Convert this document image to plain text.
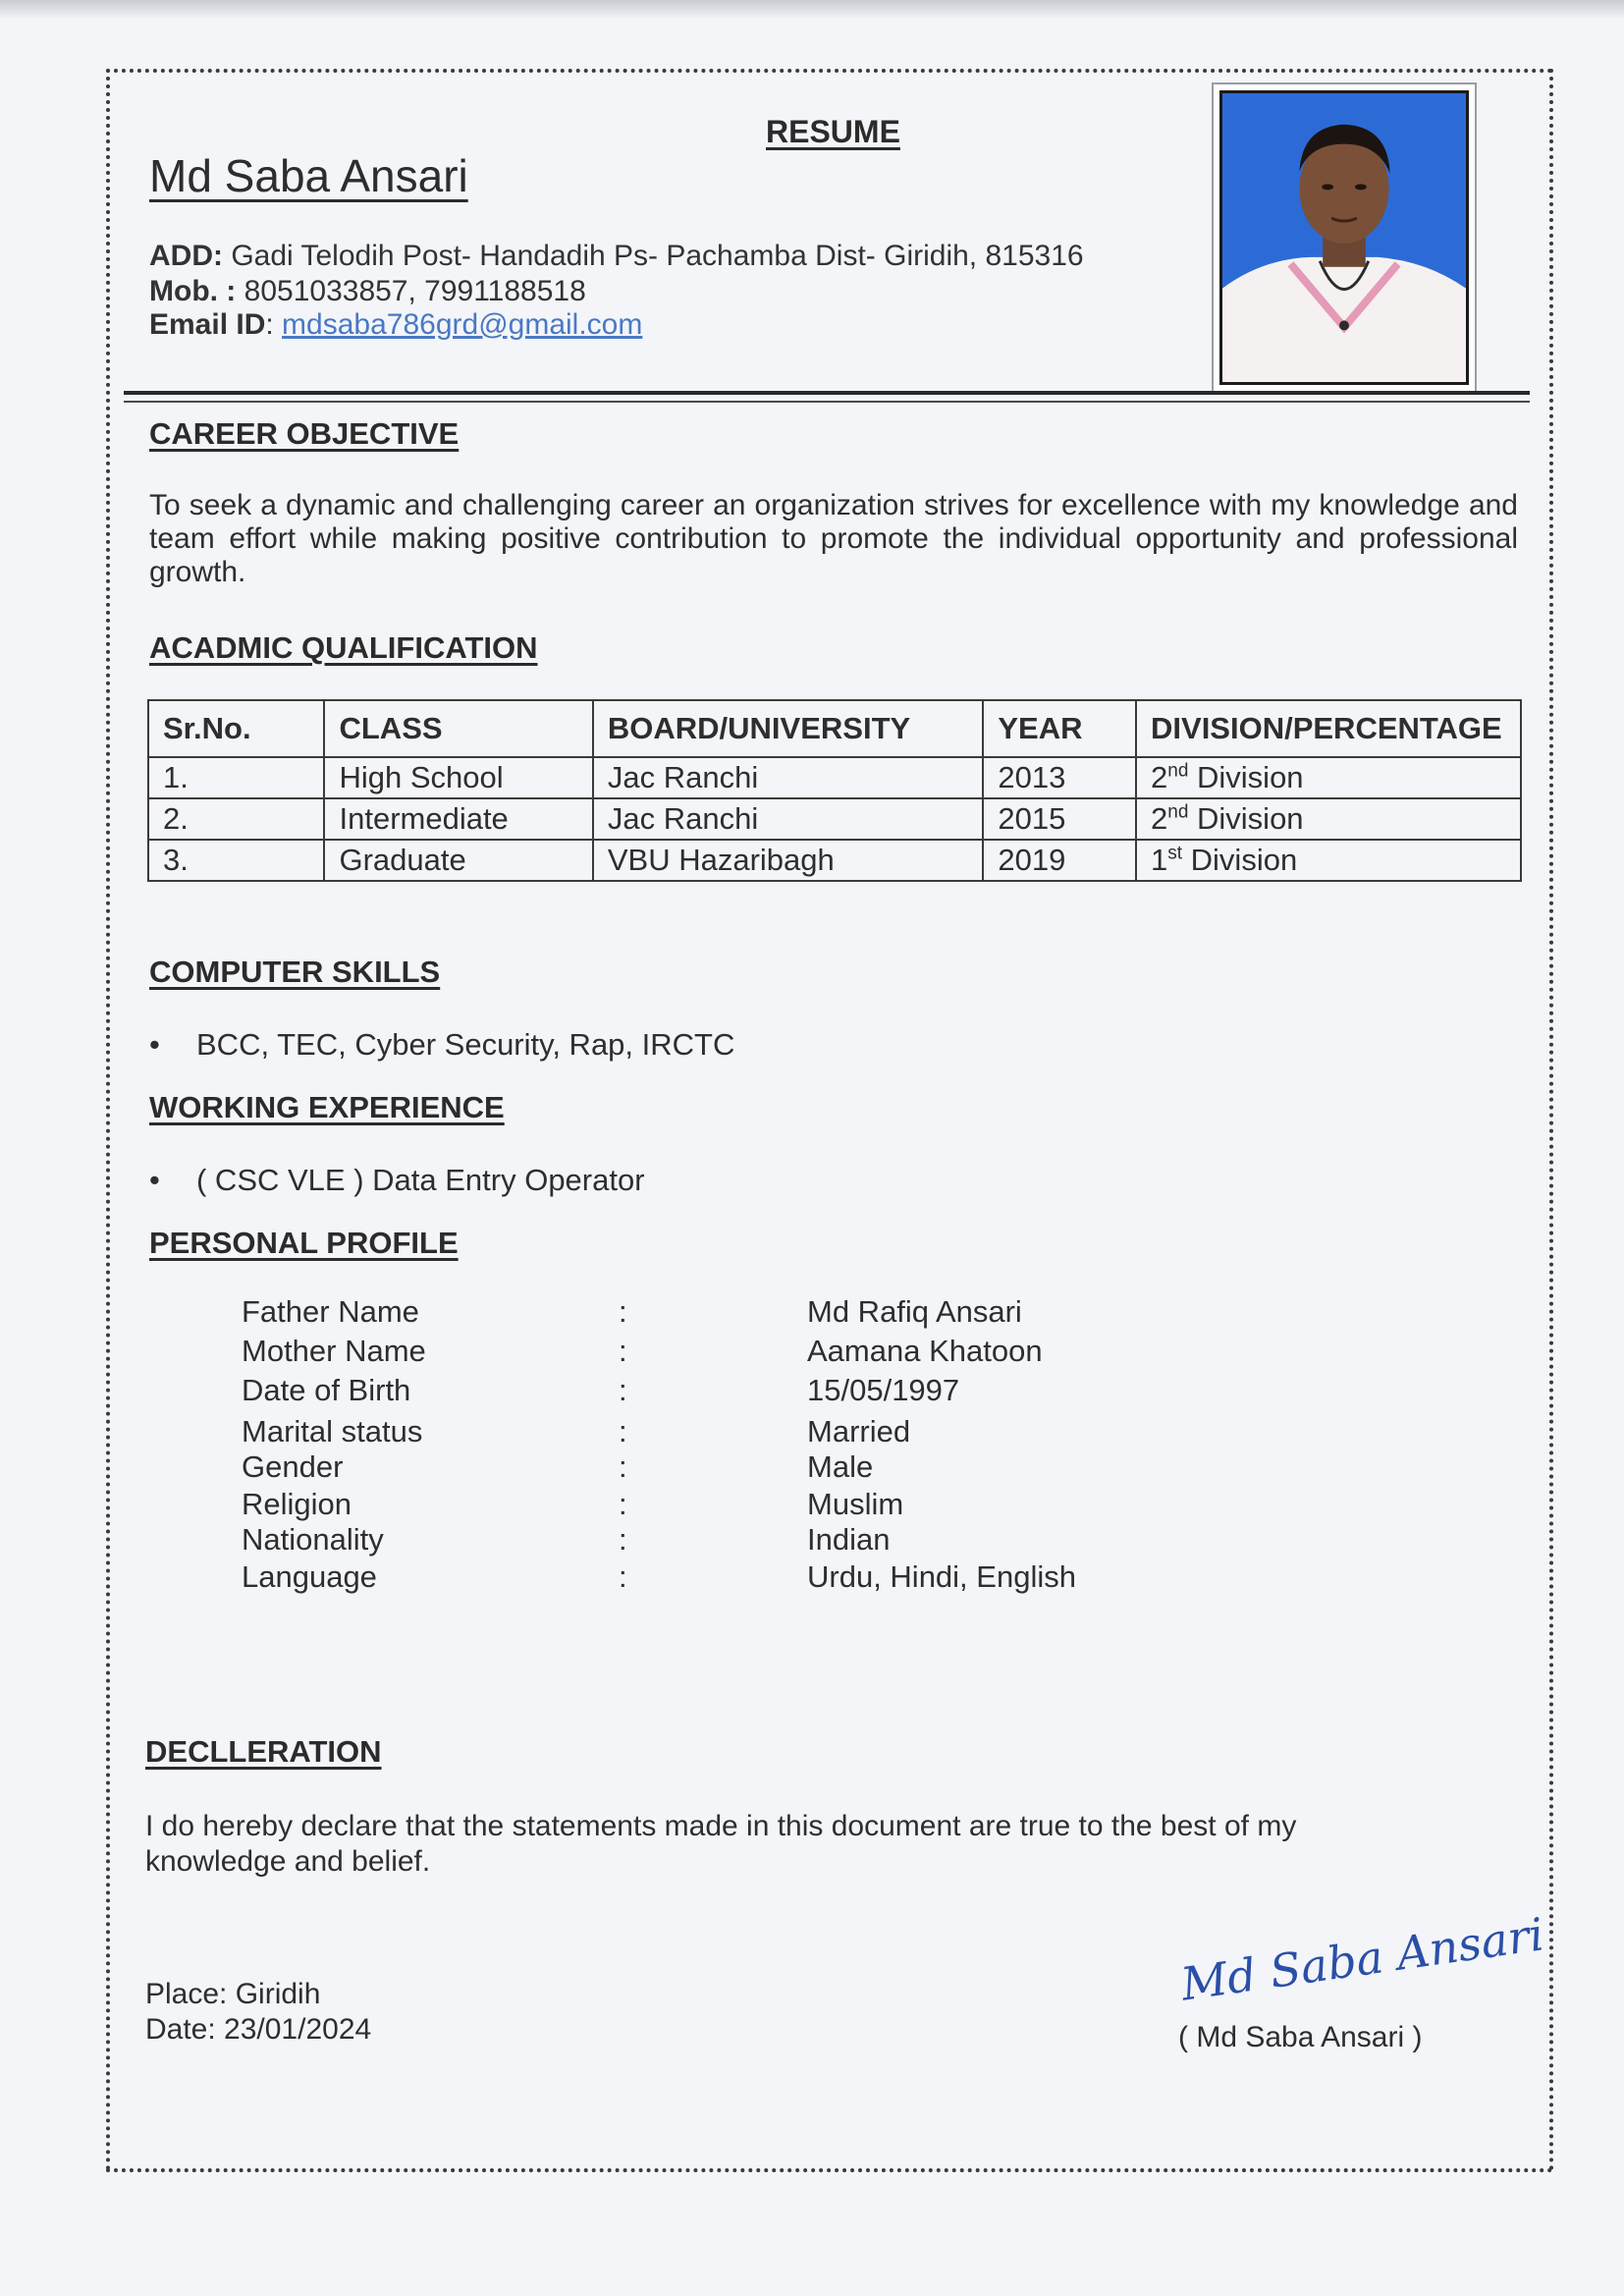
RESUME
Md Saba Ansari
ADD: Gadi Telodih Post- Handadih Ps- Pachamba Dist- Giridih, 815316
Mob. : 8051033857, 7991188518
Email ID: mdsaba786grd@gmail.com
CAREER OBJECTIVE
To seek a dynamic and challenging career an organization strives for excellence with my knowledge and team effort while making positive contribution to promote the individual opportunity and professional growth.
ACADMIC QUALIFICATION
Sr.No.	CLASS	BOARD/UNIVERSITY	YEAR	DIVISION/PERCENTAGE
1.	High School	Jac Ranchi	2013	2nd Division
2.	Intermediate	Jac Ranchi	2015	2nd Division
3.	Graduate	VBU Hazaribagh	2019	1st Division
COMPUTER SKILLS
• BCC, TEC, Cyber Security, Rap, IRCTC
WORKING EXPERIENCE
• ( CSC VLE ) Data Entry Operator
PERSONAL PROFILE
Father Name	:	Md Rafiq Ansari
Mother Name	:	Aamana Khatoon
Date of Birth	:	15/05/1997
Marital status	:	Married
Gender	:	Male
Religion	:	Muslim
Nationality	:	Indian
Language	:	Urdu, Hindi, English
DECLLERATION
I do hereby declare that the statements made in this document are true to the best of my knowledge and belief.
Place: Giridih
Date: 23/01/2024
Md Saba Ansari
( Md Saba Ansari )
